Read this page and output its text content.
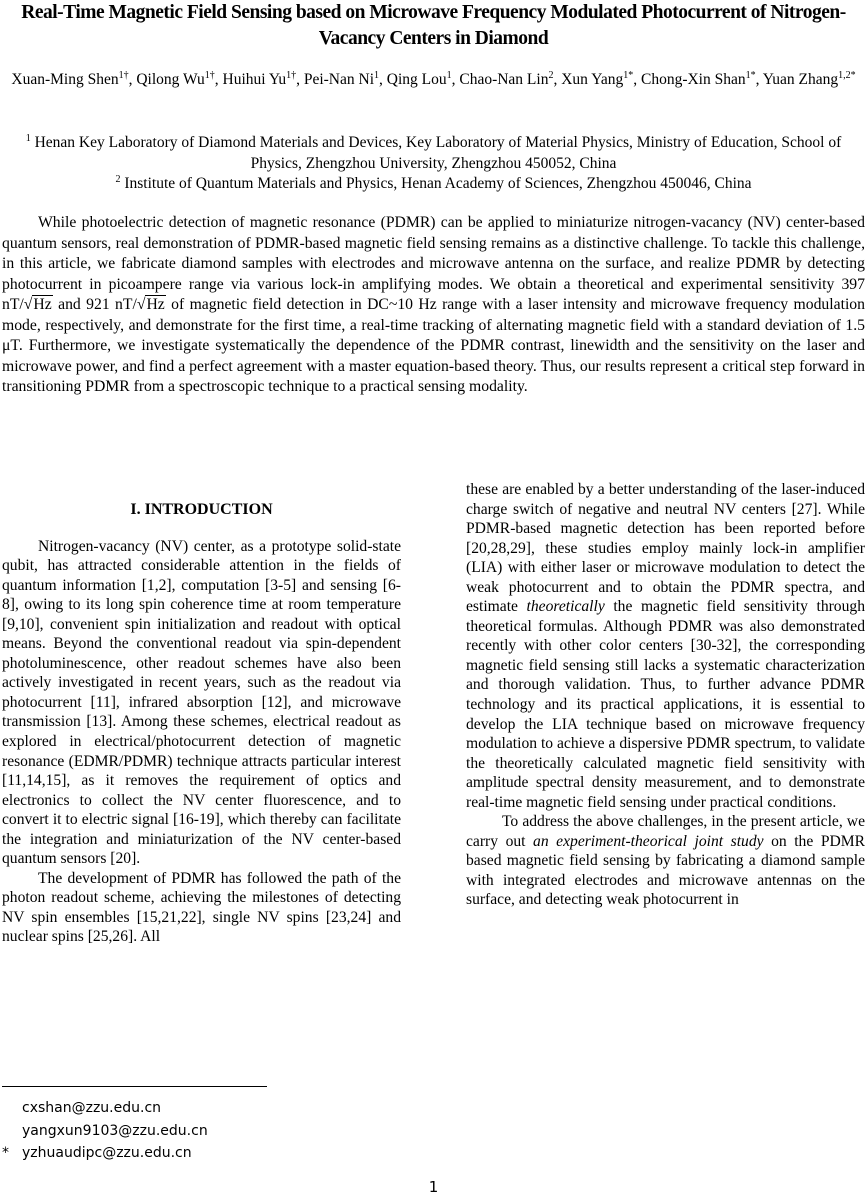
Real-Time Magnetic Field Sensing based on Microwave Frequency Modulated Photocurrent of Nitrogen-Vacancy Centers in Diamond
Xuan-Ming Shen$^{1\dagger}$, Qilong $Wu^{1\dagger}$, Huihui $Yu^{1\dagger}$, Pei-Nan Ni$^1$, Qing Lou$^1$, Chao-Nan Lin$^2$, Xun Yang$^{1*}$, Chong-Xin Shan$^{1*}$, Yuan Zhang$^{1,2*}$
$^1$ Henan Key Laboratory of Diamond Materials and Devices, Key Laboratory of Material Physics, Ministry of Education, School of Physics, Zhengzhou University, Zhengzhou 450052, China
$^2$ Institute of Quantum Materials and Physics, Henan Academy of Sciences, Zhengzhou 450046, China
While photoelectric detection of magnetic resonance (PDMR) can be applied to miniaturize nitrogen-vacancy (NV) center-based quantum sensors, real demonstration of PDMR-based magnetic field sensing remains as a distinctive challenge. To tackle this challenge, in this article, we fabricate diamond samples with electrodes and microwave antenna on the surface, and realize PDMR by detecting photocurrent in picoampere range via various lock-in amplifying modes. We obtain a theoretical and experimental sensitivity 397 nT/√Hz and 921 nT/√Hz of magnetic field detection in DC~10 Hz range with a laser intensity and microwave frequency modulation mode, respectively, and demonstrate for the first time, a real-time tracking of alternating magnetic field with a standard deviation of 1.5 μT. Furthermore, we investigate systematically the dependence of the PDMR contrast, linewidth and the sensitivity on the laser and microwave power, and find a perfect agreement with a master equation-based theory. Thus, our results represent a critical step forward in transitioning PDMR from a spectroscopic technique to a practical sensing modality.
I. INTRODUCTION

Nitrogen-vacancy (NV) center, as a prototype solid-state qubit, has attracted considerable attention in the fields of quantum information [1,2], computation [3-5] and sensing [6-8], owing to its long spin coherence time at room temperature [9,10], convenient spin initialization and readout with optical means. Beyond the conventional readout via spin-dependent photoluminescence, other readout schemes have also been actively investigated in recent years, such as the readout via photocurrent [11], infrared absorption [12], and microwave transmission [13]. Among these schemes, electrical readout as explored in electrical/photocurrent detection of magnetic resonance (EDMR/PDMR) technique attracts particular interest [11,14,15], as it removes the requirement of optics and electronics to collect the NV center fluorescence, and to convert it to electric signal [16-19], which thereby can facilitate the integration and miniaturization of the NV center-based quantum sensors [20].

The development of PDMR has followed the path of the photon readout scheme, achieving the milestones of detecting NV spin ensembles [15,21,22], single NV spins [23,24] and nuclear spins [25,26]. All

these are enabled by a better understanding of the laser-induced charge switch of negative and neutral NV centers [27]. While PDMR-based magnetic detection has been reported before [20,28,29], these studies employ mainly lock-in amplifier (LIA) with either laser or microwave modulation to detect the weak photocurrent and to obtain the PDMR spectra, and estimate theoretically the magnetic field sensitivity through theoretical formulas. Although PDMR was also demonstrated recently with other color centers [30-32], the corresponding magnetic field sensing still lacks a systematic characterization and thorough validation. Thus, to further advance PDMR technology and its practical applications, it is essential to develop the LIA technique based on microwave frequency modulation to achieve a dispersive PDMR spectrum, to validate the theoretically calculated magnetic field sensitivity with amplitude spectral density measurement, and to demonstrate real-time magnetic field sensing under practical conditions.

To address the above challenges, in the present article, we carry out an experiment-theorical joint study on the PDMR based magnetic field sensing by fabricating a diamond sample with integrated electrodes and microwave antennas on the surface, and detecting weak photocurrent in

cxshan@zzu.edu.cn
yangxun9103@zzu.edu.cn
* yzhuaudipc@zzu.edu.cn
1
